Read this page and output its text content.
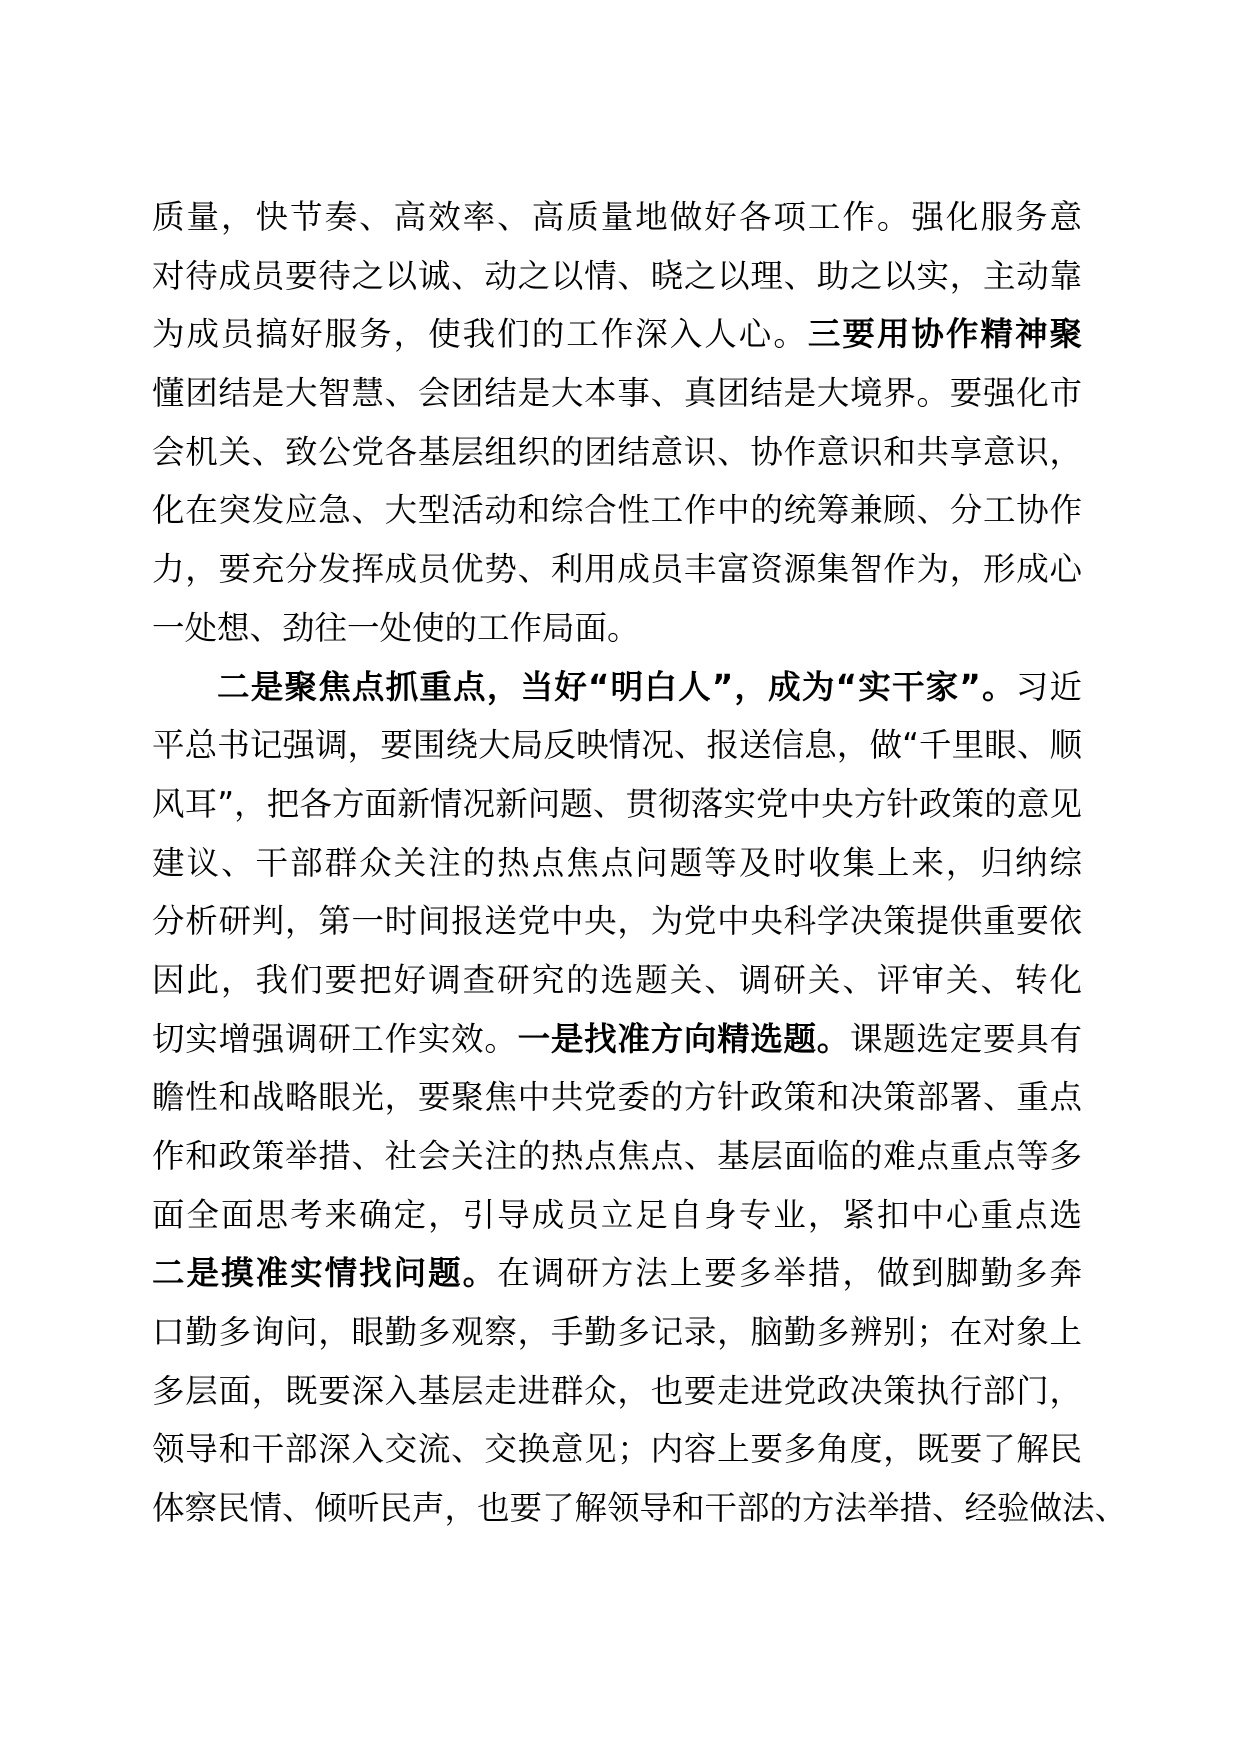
质量，快节奏、高效率、高质量地做好各项工作。强化服务意
对待成员要待之以诚、动之以情、晓之以理、助之以实，主动靠
为成员搞好服务，使我们的工作深入人心。三要用协作精神聚
懂团结是大智慧、会团结是大本事、真团结是大境界。要强化市
会机关、致公党各基层组织的团结意识、协作意识和共享意识，
化在突发应急、大型活动和综合性工作中的统筹兼顾、分工协作
力，要充分发挥成员优势、利用成员丰富资源集智作为，形成心
一处想、劲往一处使的工作局面。
二是聚焦点抓重点，当好“明白人”，成为“实干家”。习近
平总书记强调，要围绕大局反映情况、报送信息，做“千里眼、顺
风耳”，把各方面新情况新问题、贯彻落实党中央方针政策的意见
建议、干部群众关注的热点焦点问题等及时收集上来，归纳综
分析研判，第一时间报送党中央，为党中央科学决策提供重要依
因此，我们要把好调查研究的选题关、调研关、评审关、转化
切实增强调研工作实效。一是找准方向精选题。课题选定要具有
瞻性和战略眼光，要聚焦中共党委的方针政策和决策部署、重点
作和政策举措、社会关注的热点焦点、基层面临的难点重点等多
面全面思考来确定，引导成员立足自身专业，紧扣中心重点选
二是摸准实情找问题。在调研方法上要多举措，做到脚勤多奔
口勤多询问，眼勤多观察，手勤多记录，脑勤多辨别；在对象上
多层面，既要深入基层走进群众，也要走进党政决策执行部门，
领导和干部深入交流、交换意见；内容上要多角度，既要了解民
体察民情、倾听民声，也要了解领导和干部的方法举措、经验做法、
